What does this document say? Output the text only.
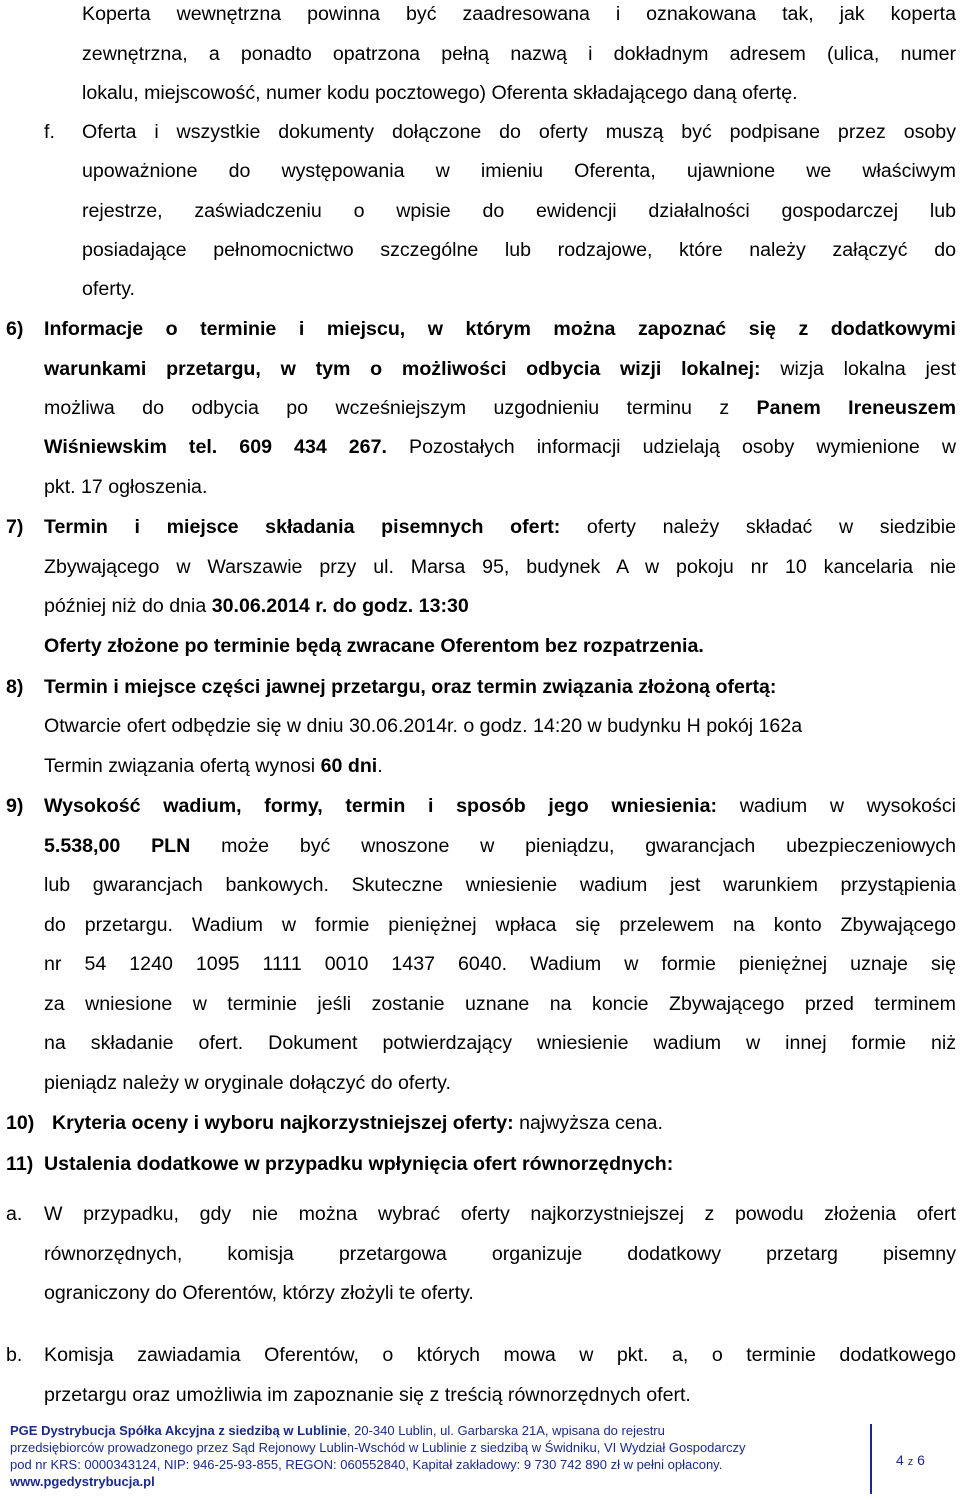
Koperta wewnętrzna powinna być zaadresowana i oznakowana tak, jak koperta
zewnętrzna, a ponadto opatrzona pełną nazwą i dokładnym adresem (ulica, numer
lokalu, miejscowość, numer kodu pocztowego) Oferenta składającego daną ofertę.
f. Oferta i wszystkie dokumenty dołączone do oferty muszą być podpisane przez osoby
upoważnione do występowania w imieniu Oferenta, ujawnione we właściwym
rejestrze, zaświadczeniu o wpisie do ewidencji działalności gospodarczej lub
posiadające pełnomocnictwo szczególne lub rodzajowe, które należy załączyć do
oferty.
6) Informacje o terminie i miejscu, w którym można zapoznać się z dodatkowymi
warunkami przetargu, w tym o możliwości odbycia wizji lokalnej: wizja lokalna jest
możliwa do odbycia po wcześniejszym uzgodnieniu terminu z Panem Ireneuszem
Wiśniewskim tel. 609 434 267. Pozostałych informacji udzielają osoby wymienione w
pkt. 17 ogłoszenia.
7) Termin i miejsce składania pisemnych ofert: oferty należy składać w siedzibie
Zbywającego w Warszawie przy ul. Marsa 95, budynek A w pokoju nr 10 kancelaria nie
później niż do dnia 30.06.2014 r. do godz. 13:30
Oferty złożone po terminie będą zwracane Oferentom bez rozpatrzenia.
8) Termin i miejsce części jawnej przetargu, oraz termin związania złożoną ofertą:
Otwarcie ofert odbędzie się w dniu 30.06.2014r. o godz. 14:20 w budynku H pokój 162a
Termin związania ofertą wynosi 60 dni.
9) Wysokość wadium, formy, termin i sposób jego wniesienia: wadium w wysokości
5.538,00 PLN może być wnoszone w pieniądzu, gwarancjach ubezpieczeniowych
lub gwarancjach bankowych. Skuteczne wniesienie wadium jest warunkiem przystąpienia
do przetargu. Wadium w formie pieniężnej wpłaca się przelewem na konto Zbywającego
nr 54 1240 1095 1111 0010 1437 6040. Wadium w formie pieniężnej uznaje się
za wniesione w terminie jeśli zostanie uznane na koncie Zbywającego przed terminem
na składanie ofert. Dokument potwierdzający wniesienie wadium w innej formie niż
pieniądz należy w oryginale dołączyć do oferty.
10) Kryteria oceny i wyboru najkorzystniejszej oferty: najwyższa cena.
11) Ustalenia dodatkowe w przypadku wpłynięcia ofert równorzędnych:
a. W przypadku, gdy nie można wybrać oferty najkorzystniejszej z powodu złożenia ofert
równorzędnych, komisja przetargowa organizuje dodatkowy przetarg pisemny
ograniczony do Oferentów, którzy złożyli te oferty.
b. Komisja zawiadamia Oferentów, o których mowa w pkt. a, o terminie dodatkowego
przetargu oraz umożliwia im zapoznanie się z treścią równorzędnych ofert.
PGE Dystrybucja Spółka Akcyjna z siedzibą w Lublinie, 20-340 Lublin, ul. Garbarska 21A, wpisana do rejestru
przedsiębiorców prowadzonego przez Sąd Rejonowy Lublin-Wschód w Lublinie z siedzibą w Świdniku, VI Wydział Gospodarczy
pod nr KRS: 0000343124, NIP: 946-25-93-855, REGON: 060552840, Kapitał zakładowy: 9 730 742 890 zł w pełni opłacony.
www.pgedystrybucja.pl
4 z 6
